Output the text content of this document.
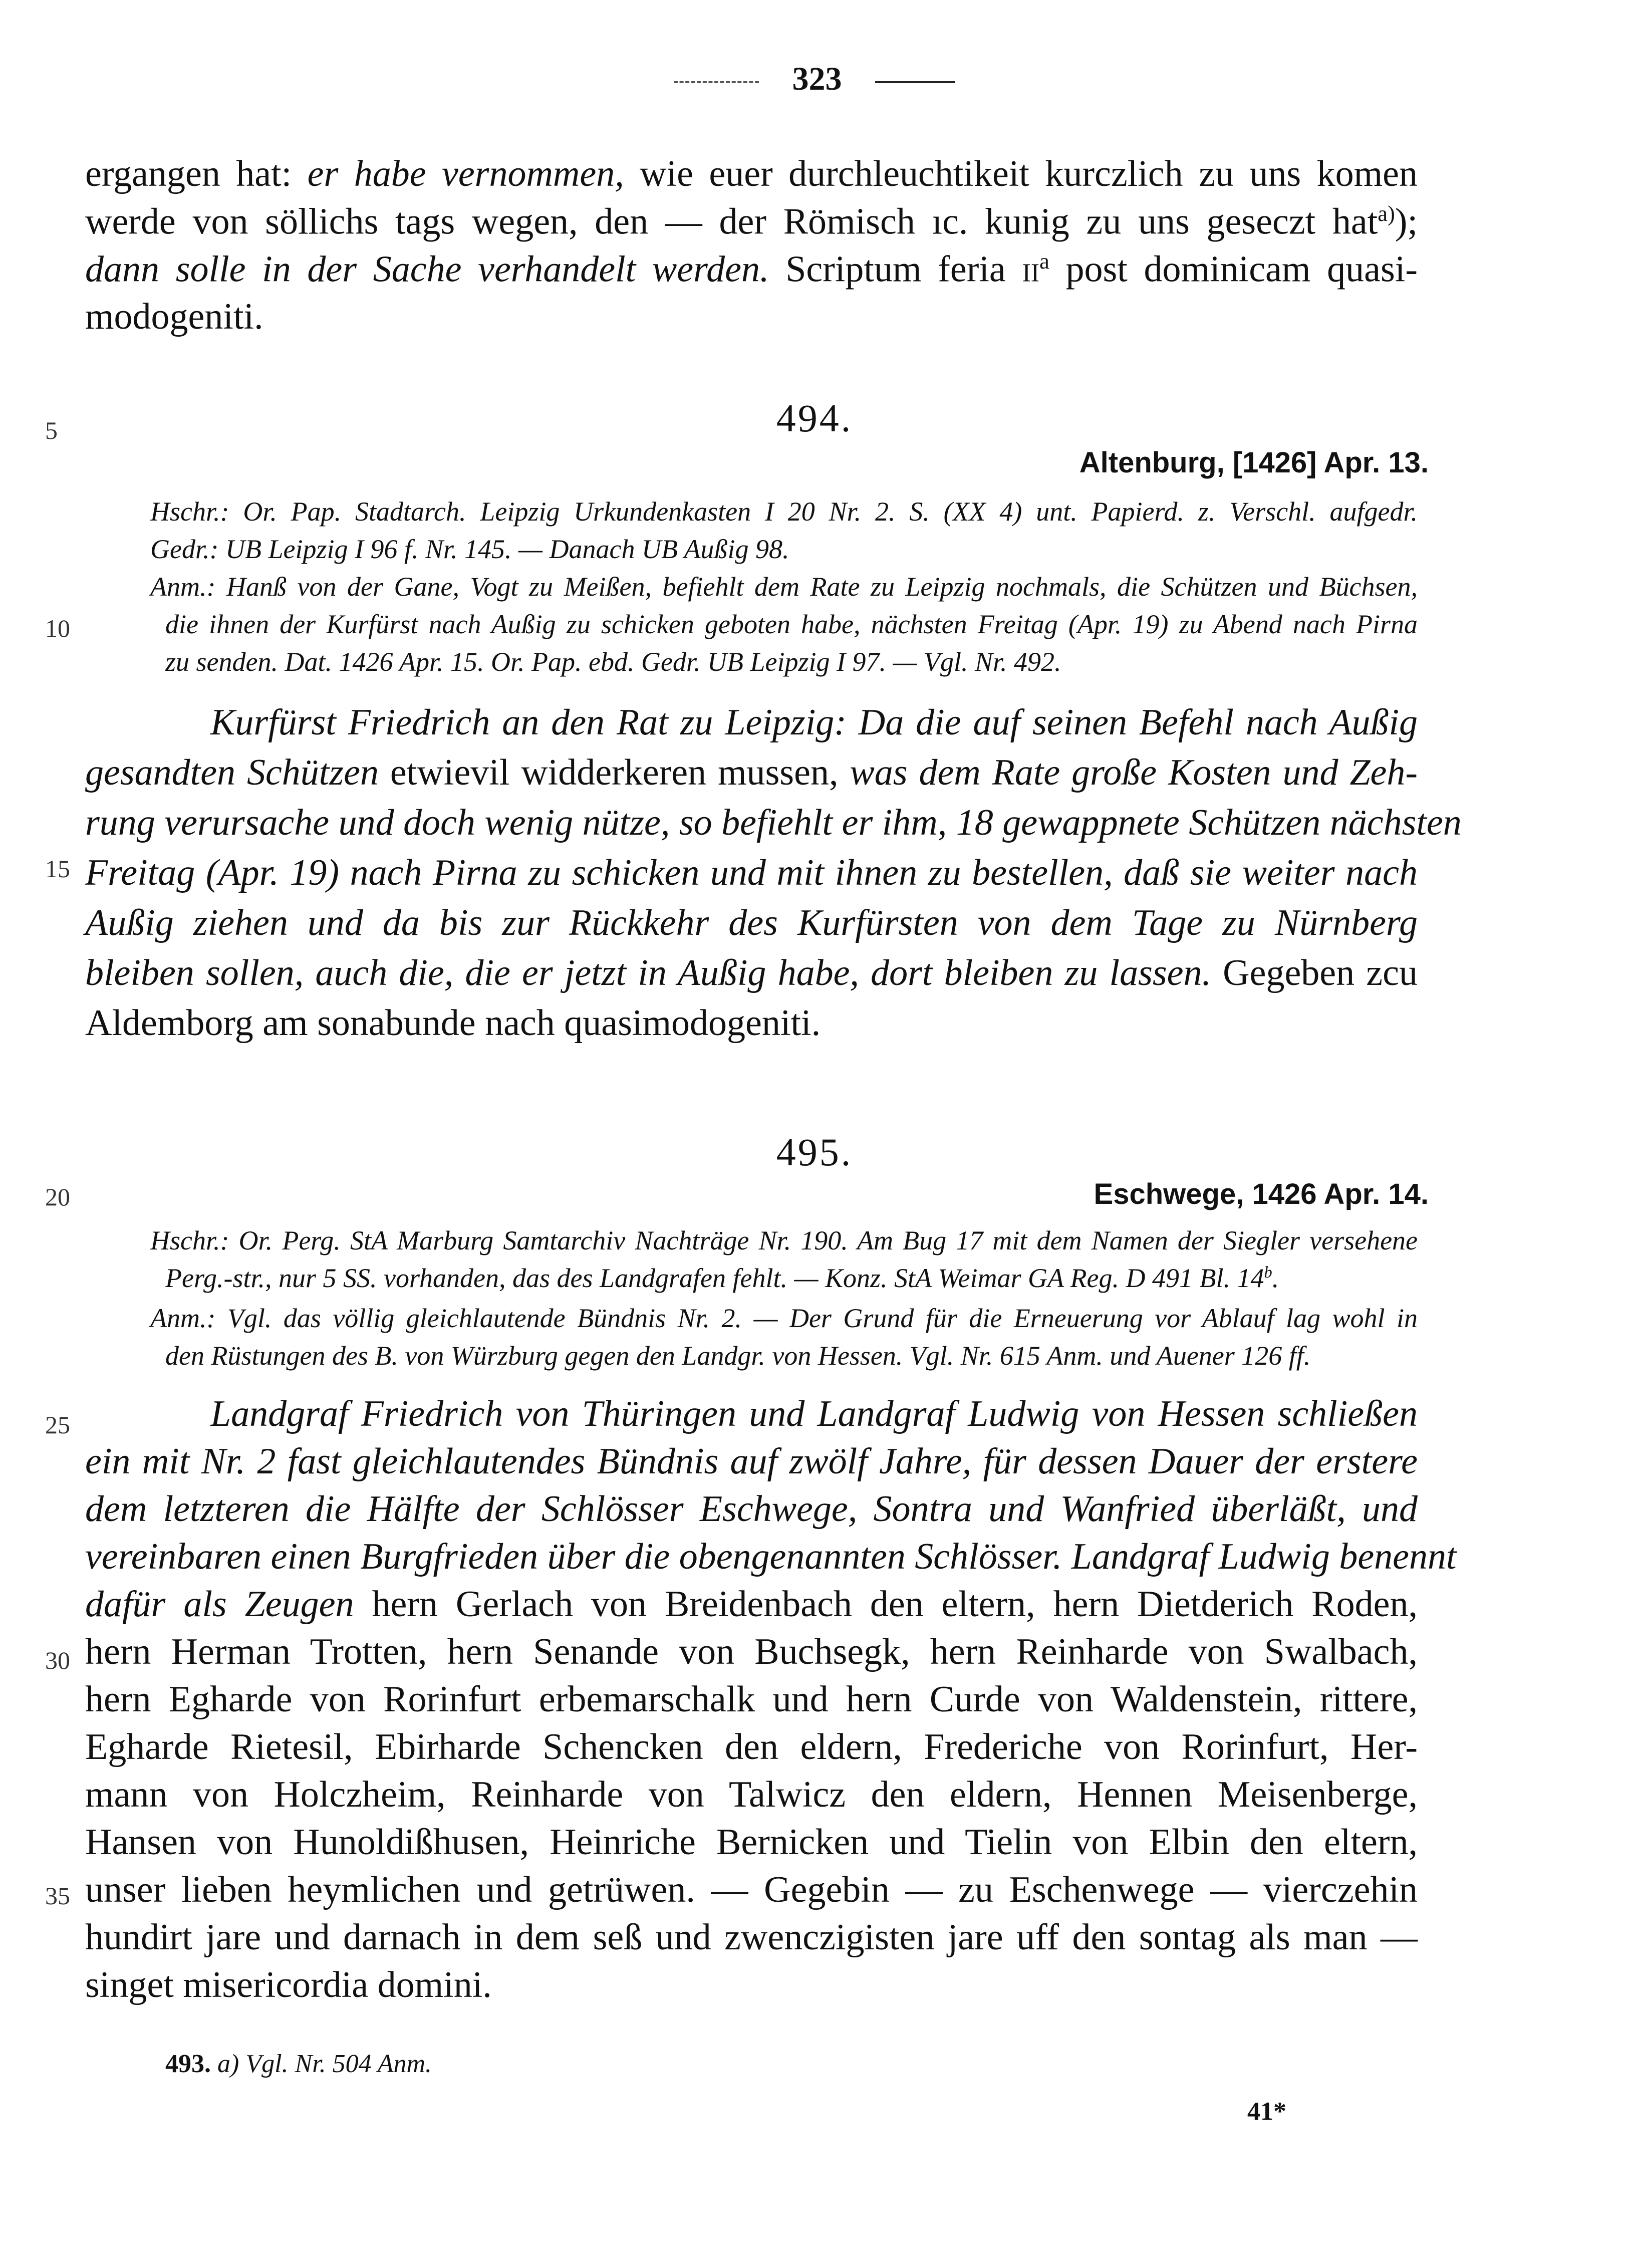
323
5
10
15
20
25
30
35
ergangen hat: er habe vernommen, wie euer durchleuchtikeit kurczlich zu uns komen
werde von söllichs tags wegen, den — der Römisch ıc. kunig zu uns geseczt hat$^{a)}$);
dann solle in der Sache verhandelt werden. Scriptum feria $ii^a$ post dominicam quasi-
modogeniti.
494.
Altenburg, [1426] Apr. 13.
Hschr.: Or. Pap. Stadtarch. Leipzig Urkundenkasten I 20 Nr. 2. S. (XX 4) unt. Papierd. z. Verschl. aufgedr.
Gedr.: UB Leipzig I 96 f. Nr. 145. — Danach UB Außig 98.
Anm.: Hanß von der Gane, Vogt zu Meißen, befiehlt dem Rate zu Leipzig nochmals, die Schützen und Büchsen,
die ihnen der Kurfürst nach Außig zu schicken geboten habe, nächsten Freitag (Apr. 19) zu Abend nach Pirna
zu senden. Dat. 1426 Apr. 15. Or. Pap. ebd. Gedr. UB Leipzig I 97. — Vgl. Nr. 492.
Kurfürst Friedrich an den Rat zu Leipzig: Da die auf seinen Befehl nach Außig
gesandten Schützen etwievil widderkeren mussen, was dem Rate große Kosten und Zeh-
rung verursache und doch wenig nütze, so befiehlt er ihm, 18 gewappnete Schützen nächsten
Freitag (Apr. 19) nach Pirna zu schicken und mit ihnen zu bestellen, daß sie weiter nach
Außig ziehen und da bis zur Rückkehr des Kurfürsten von dem Tage zu Nürnberg
bleiben sollen, auch die, die er jetzt in Außig habe, dort bleiben zu lassen. Gegeben zcu
Aldemborg am sonabunde nach quasimodogeniti.
495.
Eschwege, 1426 Apr. 14.
Hschr.: Or. Perg. StA Marburg Samtarchiv Nachträge Nr. 190. Am Bug 17 mit dem Namen der Siegler versehene
Perg.-str., nur 5 SS. vorhanden, das des Landgrafen fehlt. — Konz. StA Weimar GA Reg. D 491 Bl. 14$^b$.
Anm.: Vgl. das völlig gleichlautende Bündnis Nr. 2. — Der Grund für die Erneuerung vor Ablauf lag wohl in
den Rüstungen des B. von Würzburg gegen den Landgr. von Hessen. Vgl. Nr. 615 Anm. und Auener 126 ff.
Landgraf Friedrich von Thüringen und Landgraf Ludwig von Hessen schließen
ein mit Nr. 2 fast gleichlautendes Bündnis auf zwölf Jahre, für dessen Dauer der erstere
dem letzteren die Hälfte der Schlösser Eschwege, Sontra und Wanfried überläßt, und
vereinbaren einen Burgfrieden über die obengenannten Schlösser. Landgraf Ludwig benennt
dafür als Zeugen hern Gerlach von Breidenbach den eltern, hern Dietderich Roden,
hern Herman Trotten, hern Senande von Buchsegk, hern Reinharde von Swalbach,
hern Egharde von Rorinfurt erbemarschalk und hern Curde von Waldenstein, rittere,
Egharde Rietesil, Ebirharde Schencken den eldern, Frederiche von Rorinfurt, Her-
mann von Holczheim, Reinharde von Talwicz den eldern, Hennen Meisenberge,
Hansen von Hunoldißhusen, Heinriche Bernicken und Tielin von Elbin den eltern,
unser lieben heymlichen und getrüwen. — Gegebin — zu Eschenwege — vierczehin
hundirt jare und darnach in dem seß und zwenczigisten jare uff den sontag als man —
singet misericordia domini.
493. a) Vgl. Nr. 504 Anm.
41*
